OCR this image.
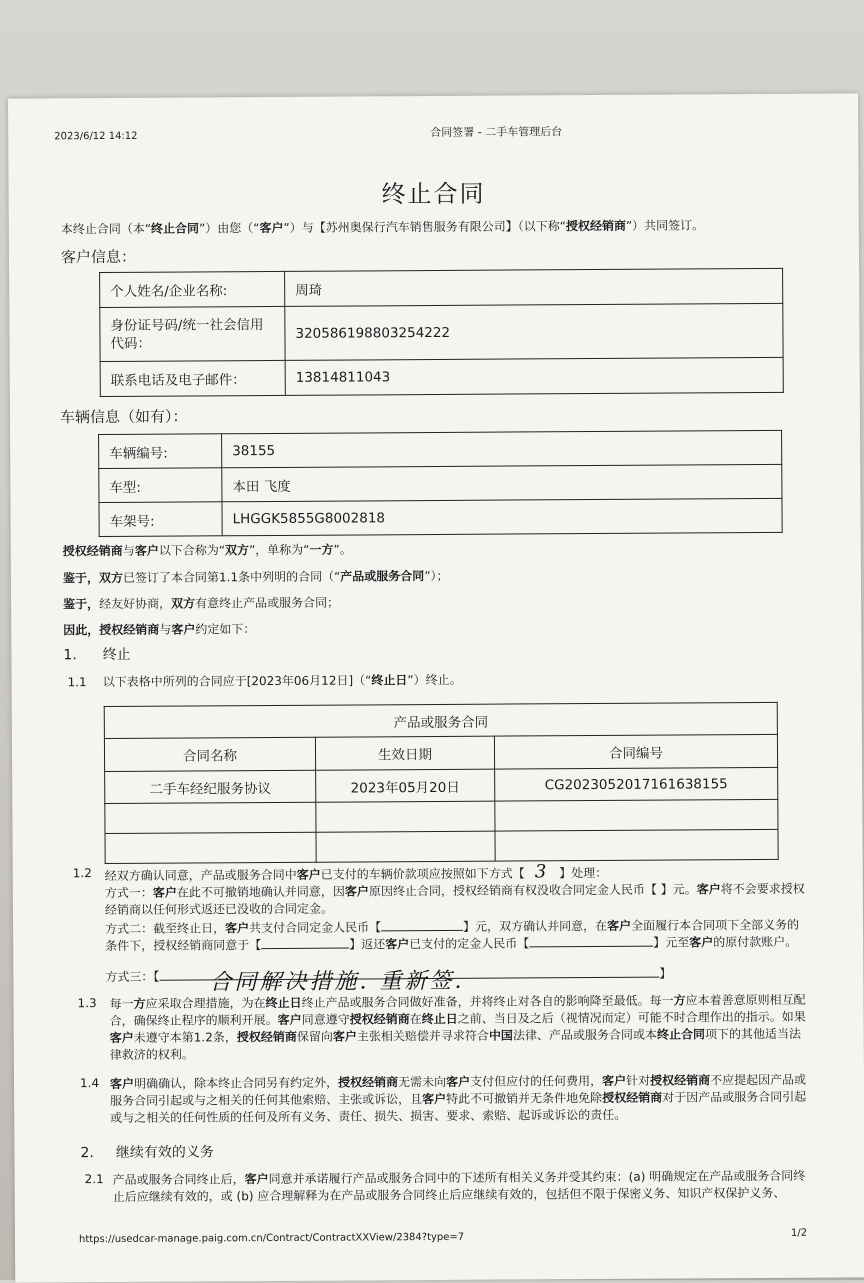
2023/6/12 14:12	合同签署 - 二手车管理后台
终止合同
本终止合同（本“终止合同”）由您（“客户”）与【苏州奥保行汽车销售服务有限公司】（以下称“授权经销商”）共同签订。
客户信息：
个人姓名/企业名称:	周琦
身份证号码/统一社会信用代码：	320586198803254222
联系电话及电子邮件：	13814811043
车辆信息（如有）：
车辆编号:	38155
车型:	本田 飞度
车架号:	LHGGK5855G8002818
授权经销商与客户以下合称为“双方”，单称为“一方”。
鉴于，双方已签订了本合同第1.1条中列明的合同（“产品或服务合同”）；
鉴于，经友好协商，双方有意终止产品或服务合同；
因此，授权经销商与客户约定如下：
1. 终止
1.1 以下表格中所列的合同应于[2023年06月12日]（“终止日”）终止。
产品或服务合同		
合同名称	生效日期	合同编号
二手车经纪服务协议	2023年05月20日	CG2023052017161638155

1.2 经双方确认同意，产品或服务合同中客户已支付的车辆价款项应按照如下方式【 3 】处理：
方式一：客户在此不可撤销地确认并同意，因客户原因终止合同，授权经销商有权没收合同定金人民币【 】元。客户将不会要求授权经销商以任何形式返还已没收的合同定金。
方式二：截至终止日，客户共支付合同定金人民币【	】元，双方确认并同意，在客户全面履行本合同项下全部义务的条件下，授权经销商同意于【	】返还客户已支付的定金人民币【	】元至客户的原付款账户。
方式三：【 合同解决措施. 重新签.	】
1.3 每一方应采取合理措施，为在终止日终止产品或服务合同做好准备，并将终止对各自的影响降至最低。每一方应本着善意原则相互配合，确保终止程序的顺利开展。客户同意遵守授权经销商在终止日之前、当日及之后（视情况而定）可能不时合理作出的指示。如果客户未遵守本第1.2条，授权经销商保留向客户主张相关赔偿并寻求符合中国法律、产品或服务合同或本终止合同项下的其他适当法律救济的权利。
1.4 客户明确确认，除本终止合同另有约定外，授权经销商无需未向客户支付但应付的任何费用，客户针对授权经销商不应提起因产品或服务合同引起或与之相关的任何其他索赔、主张或诉讼，且客户特此不可撤销并无条件地免除授权经销商对于因产品或服务合同引起或与之相关的任何性质的任何及所有义务、责任、损失、损害、要求、索赔、起诉或诉讼的责任。
2. 继续有效的义务
2.1 产品或服务合同终止后，客户同意并承诺履行产品或服务合同中的下述所有相关义务并受其约束：(a) 明确规定在产品或服务合同终止后应继续有效的，或 (b) 应合理解释为在产品或服务合同终止后应继续有效的，包括但不限于保密义务、知识产权保护义务、
https://usedcar-manage.paig.com.cn/Contract/ContractXXView/2384?type=7	1/2
